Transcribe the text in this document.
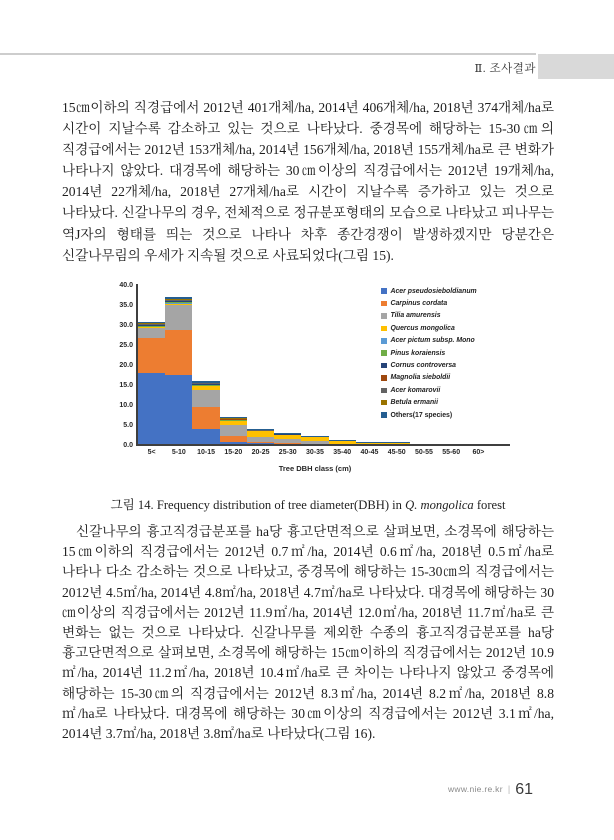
Ⅱ. 조사결과

15㎝이하의 직경급에서 2012년 401개체/ha, 2014년 406개체/ha, 2018년 374개체/ha로 시간이 지날수록 감소하고 있는 것으로 나타났다. 중경목에 해당하는 15-30㎝의 직경급에서는 2012년 153개체/ha, 2014년 156개체/ha, 2018년 155개체/ha로 큰 변화가 나타나지 않았다. 대경목에 해당하는 30㎝이상의 직경급에서는 2012년 19개체/ha, 2014년 22개체/ha, 2018년 27개체/ha로 시간이 지날수록 증가하고 있는 것으로 나타났다. 신갈나무의 경우, 전체적으로 정규분포형태의 모습으로 나타났고 피나무는 역J자의 형태를 띄는 것으로 나타나 차후 종간경쟁이 발생하겠지만 당분간은 신갈나무림의 우세가 지속될 것으로 사료되었다(그림 15).

0.0
5.0
10.0
15.0
20.0
25.0
30.0
35.0
40.0
5<	5-10	10-15	15-20	20-25	25-30	30-35	35-40	40-45	45-50	50-55	55-60	60>
Tree DBH class (cm)
Acer pseudosieboldianum
Carpinus cordata
Tilia amurensis
Quercus mongolica
Acer pictum subsp. Mono
Pinus koraiensis
Cornus controversa
Magnolia sieboldii
Acer komarovii
Betula ermanii
Others(17 species)
그림 14. Frequency distribution of tree diameter(DBH) in Q. mongolica forest

신갈나무의 흉고직경급분포를 ha당 흉고단면적으로 살펴보면, 소경목에 해당하는 15㎝이하의 직경급에서는 2012년 0.7㎡/ha, 2014년 0.6㎡/ha, 2018년 0.5㎡/ha로 나타나 다소 감소하는 것으로 나타났고, 중경목에 해당하는 15-30㎝의 직경급에서는 2012년 4.5㎡/ha, 2014년 4.8㎡/ha, 2018년 4.7㎡/ha로 나타났다. 대경목에 해당하는 30㎝이상의 직경급에서는 2012년 11.9㎡/ha, 2014년 12.0㎡/ha, 2018년 11.7㎡/ha로 큰 변화는 없는 것으로 나타났다. 신갈나무를 제외한 수종의 흉고직경급분포를 ha당 흉고단면적으로 살펴보면, 소경목에 해당하는 15㎝이하의 직경급에서는 2012년 10.9㎡/ha, 2014년 11.2㎡/ha, 2018년 10.4㎡/ha로 큰 차이는 나타나지 않았고 중경목에 해당하는 15-30㎝의 직경급에서는 2012년 8.3㎡/ha, 2014년 8.2㎡/ha, 2018년 8.8㎡/ha로 나타났다. 대경목에 해당하는 30㎝이상의 직경급에서는 2012년 3.1㎡/ha, 2014년 3.7㎡/ha, 2018년 3.8㎡/ha로 나타났다(그림 16).

www.nie.re.kr | 61
